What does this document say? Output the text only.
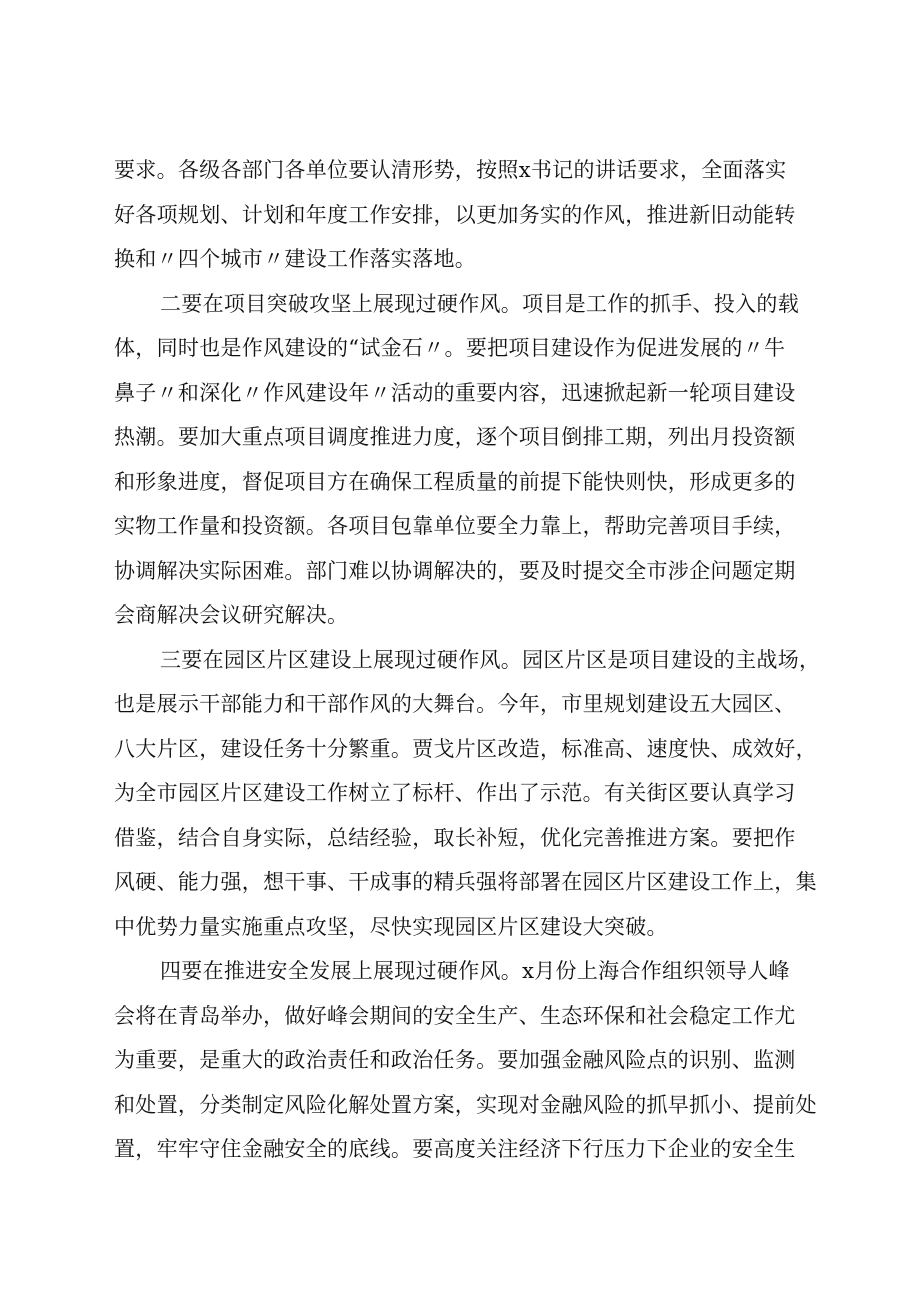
要求。各级各部门各单位要认清形势，按照x书记的讲话要求，全面落实
好各项规划、计划和年度工作安排，以更加务实的作风，推进新旧动能转
换和〃四个城市〃建设工作落实落地。
二要在项目突破攻坚上展现过硬作风。项目是工作的抓手、投入的载
体，同时也是作风建设的“试金石〃。要把项目建设作为促进发展的〃牛
鼻子〃和深化〃作风建设年〃活动的重要内容，迅速掀起新一轮项目建设
热潮。要加大重点项目调度推进力度，逐个项目倒排工期，列出月投资额
和形象进度，督促项目方在确保工程质量的前提下能快则快，形成更多的
实物工作量和投资额。各项目包靠单位要全力靠上，帮助完善项目手续，
协调解决实际困难。部门难以协调解决的，要及时提交全市涉企问题定期
会商解决会议研究解决。
三要在园区片区建设上展现过硬作风。园区片区是项目建设的主战场，
也是展示干部能力和干部作风的大舞台。今年，市里规划建设五大园区、
八大片区，建设任务十分繁重。贾戈片区改造，标准高、速度快、成效好，
为全市园区片区建设工作树立了标杆、作出了示范。有关街区要认真学习
借鉴，结合自身实际，总结经验，取长补短，优化完善推进方案。要把作
风硬、能力强，想干事、干成事的精兵强将部署在园区片区建设工作上，集
中优势力量实施重点攻坚，尽快实现园区片区建设大突破。
四要在推进安全发展上展现过硬作风。x月份上海合作组织领导人峰
会将在青岛举办，做好峰会期间的安全生产、生态环保和社会稳定工作尤
为重要，是重大的政治责任和政治任务。要加强金融风险点的识别、监测
和处置，分类制定风险化解处置方案，实现对金融风险的抓早抓小、提前处
置，牢牢守住金融安全的底线。要高度关注经济下行压力下企业的安全生
